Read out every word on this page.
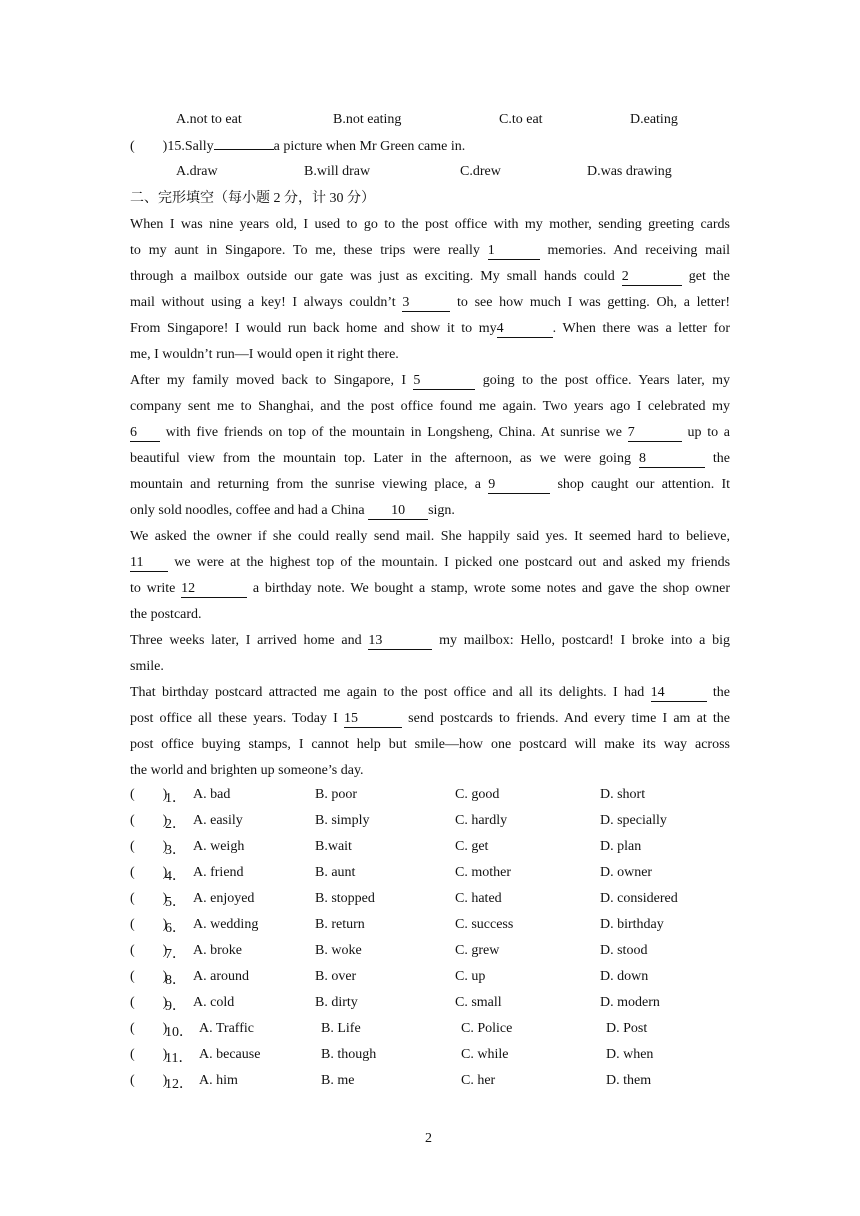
A.not to eat	B.not eating	C.to eat	D.eating
(        )15.Sally	a picture when Mr Green came in.
A.draw	B.will draw	C.drew	D.was drawing
二、完形填空（每小题 2 分，计 30 分）
When I was nine years old, I used to go to the post office with my mother, sending greeting cards
to my aunt in Singapore. To me, these trips were really 1	memories. And receiving mail
through a mailbox outside our gate was just as exciting. My small hands could 2	get the
mail without using a key! I always couldn’t 3	to see how much I was getting. Oh, a letter!
From Singapore! I would run back home and show it to my4	. When there was a letter for
me, I wouldn’t run—I would open it right there.
After my family moved back to Singapore, I 5	going to the post office. Years later, my
company sent me to Shanghai, and the post office found me again. Two years ago I celebrated my
6 with five friends on top of the mountain in Longsheng, China. At sunrise we 7	up to a
beautiful view from the mountain top. Later in the afternoon, as we were going 8	the
mountain and returning from the sunrise viewing place, a 9	shop caught our attention. It
only sold noodles, coffee and had a China 10 sign.
We asked the owner if she could really send mail. She happily said yes. It seemed hard to believe,
11 we were at the highest top of the mountain. I picked one postcard out and asked my friends
to write 12	a birthday note. We bought a stamp, wrote some notes and gave the shop owner
the postcard.
Three weeks later, I arrived home and 13	my mailbox: Hello, postcard! I broke into a big
smile.
That birthday postcard attracted me again to the post office and all its delights. I had 14	the
post office all these years. Today I 15	send postcards to friends. And every time I am at the
post office buying stamps, I cannot help but smile—how one postcard will make its way across
the world and brighten up someone’s day.
(        )
1． A. bad	B. poor	C. good	D. short
(        )
2． A. easily	B. simply	C. hardly	D. specially
(        )
3． A. weigh	B.wait	C. get	D. plan
(        )
4． A. friend	B. aunt	C. mother	D. owner
(        )
5． A. enjoyed	B. stopped	C. hated	D. considered
(        )
6． A. wedding	B. return	C. success	D. birthday
(        )
7． A. broke	B. woke	C. grew	D. stood
(        )
8． A. around	B. over	C. up	D. down
(        )
9． A. cold	B. dirty	C. small	D. modern
(        )
10． A. Traffic	B. Life	C. Police	D. Post
(        )
11． A. because	B. though	C. while	D. when
(        )
12． A. him	B. me	C. her	D. them
2
